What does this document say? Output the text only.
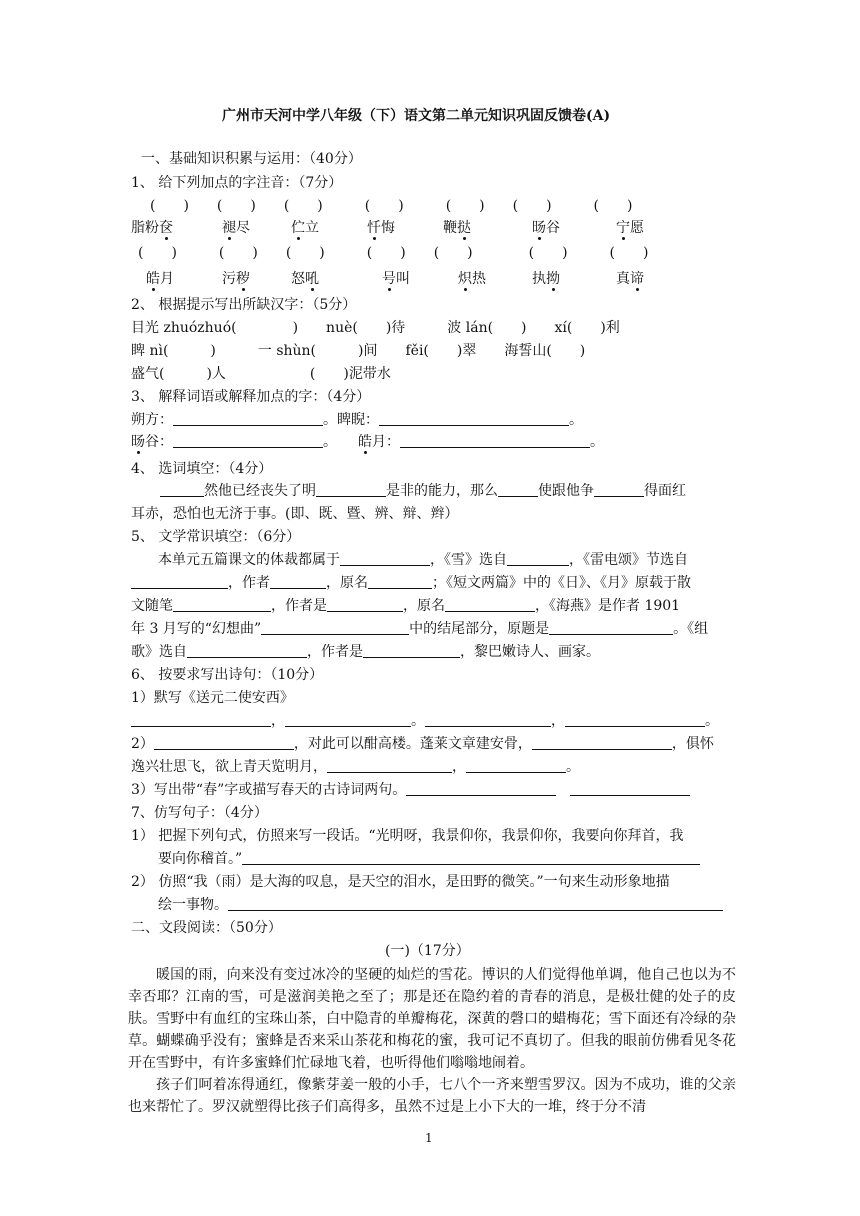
广州市天河中学八年级（下）语文第二单元知识巩固反馈卷(A)
一、基础知识积累与运用：（40分）
1、 给下列加点的字注音：（7分）
(　　)　　(　　)　　(　　)　　　(　　)　　　(　　)　　(　　)　　　(　　)
脂粉奁	褪尽	伫立	忏悔	鞭挞	旸谷	宁愿
(　　)　　　(　　)　　(　　)　　　(　　)　　(　　)　　　　(　　)　　　(　　)
皓月	污秽	怒吼	号叫	炽热	执拗	真谛
2、 根据提示写出所缺汉字：（5分）
目光 zhuózhuó(　　　　)　　nuè(　　)待　　　波 lán(　　)　　xí(　　)利
睥 nì(　　　)　　　一 shùn(　　　)间　　fěi(　　)翠　　海誓山(　　)
盛气(　　　)人　　　　　　(　　)泥带水
3、 解释词语或解释加点的字：（4分）
朔方：	。睥睨：	。
旸谷：	。　　皓月：	。
4、 选词填空：（4分）
然他已经丧失了明	是非的能力，那么	使跟他争	得面红
耳赤，恐怕也无济于事。(即、既、暨、辨、辩、辫）
5、 文学常识填空：（6分）
本单元五篇课文的体裁都属于	，《雪》选自	，《雷电颂》节选自
，作者	，原名	；《短文两篇》中的《日》、《月》原载于散
文随笔	，作者是	，原名	，《海燕》是作者 1901
年 3 月写的“幻想曲”	中的结尾部分，原题是	。《组
歌》选自	，作者是	，黎巴嫩诗人、画家。
6、 按要求写出诗句：（10分）
1）默写《送元二使安西》
，	。	，	。
2）	，对此可以酣高楼。蓬莱文章建安骨，	，俱怀
逸兴壮思飞，欲上青天览明月，	，	。
3）写出带“春”字或描写春天的古诗词两句。　
7、仿写句子：（4分）
1） 把握下列句式，仿照来写一段话。“光明呀，我景仰你，我景仰你，我要向你拜首，我
要向你稽首。”
2） 仿照“我（雨）是大海的叹息，是天空的泪水，是田野的微笑。”一句来生动形象地描
绘一事物。
二、文段阅读：（50分）
(一)（17分）
暖国的雨，向来没有变过冰冷的坚硬的灿烂的雪花。博识的人们觉得他单调，他自己也以为不幸否耶？江南的雪，可是滋润美艳之至了；那是还在隐约着的青春的消息，是极壮健的处子的皮肤。雪野中有血红的宝珠山茶，白中隐青的单瓣梅花，深黄的磬口的蜡梅花；雪下面还有冷绿的杂草。蝴蝶确乎没有；蜜蜂是否来采山茶花和梅花的蜜，我可记不真切了。但我的眼前仿佛看见冬花开在雪野中，有许多蜜蜂们忙碌地飞着，也听得他们嗡嗡地闹着。
孩子们呵着冻得通红，像紫芽姜一般的小手，七八个一齐来塑雪罗汉。因为不成功，谁的父亲也来帮忙了。罗汉就塑得比孩子们高得多，虽然不过是上小下大的一堆，终于分不清
1
